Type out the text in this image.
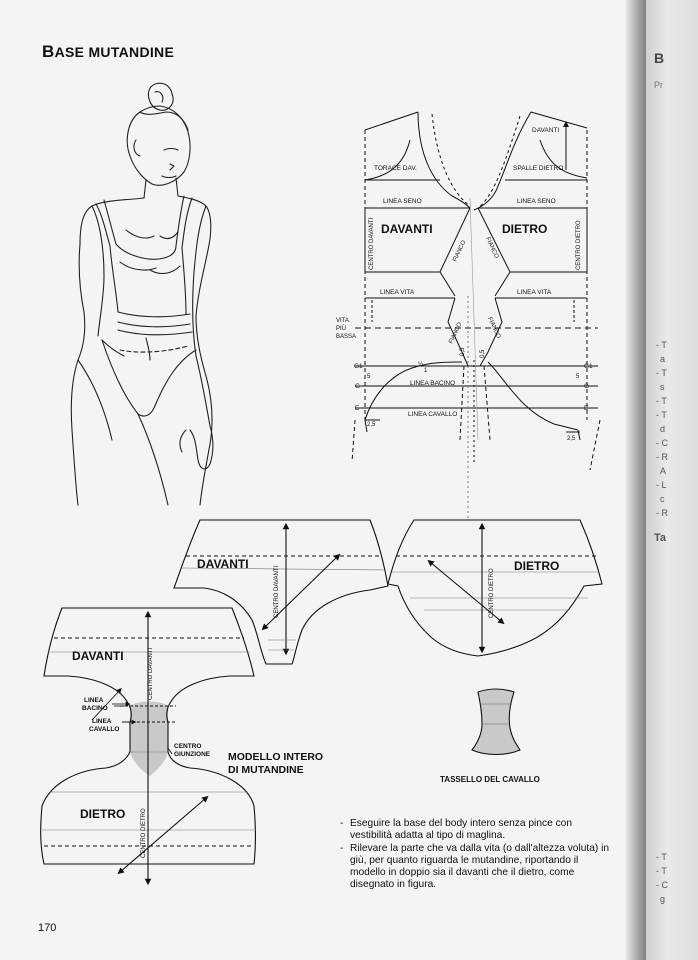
B
Pr
- T
a
- T
s
- T
- T
d
- C
- R
A
- L
c
- R
Ta
- T
- T
- C
g
BASE MUTANDINE
DAVANTI
TORACE DAV.	SPALLE DIETRO
LINEA SENO	LINEA SENO
DAVANTI	DIETRO
CENTRO DAVANTI	CENTRO DIETRO
FIANCO	FIANCO
LINEA VITA	LINEA VITA
VITA
PIÙ
BASSA	FIANCO	FIANCO
0,5 0,5
G1	G1
G	G
E	E
5	5
½
1
LINEA BACINO
LINEA CAVALLO
2,5
2,5
DAVANTI
CENTRO DAVANTI	DIETRO
CENTRO DIETRO
DAVANTI	CENTRO DAVANTI
LINEA
BACINO
LINEA
CAVALLO
CENTRO
GIUNZIONE
DIETRO	CENTRO DIETRO
MODELLO INTERO
DI MUTANDINE
TASSELLO DEL CAVALLO
- Eseguire la base del body intero senza pince con vestibilità adatta al tipo di maglina.
- Rilevare la parte che va dalla vita (o dall'altezza voluta) in giù, per quanto riguarda le mutandine, riportando il modello in doppio sia il davanti che il dietro, come disegnato in figura.
170
